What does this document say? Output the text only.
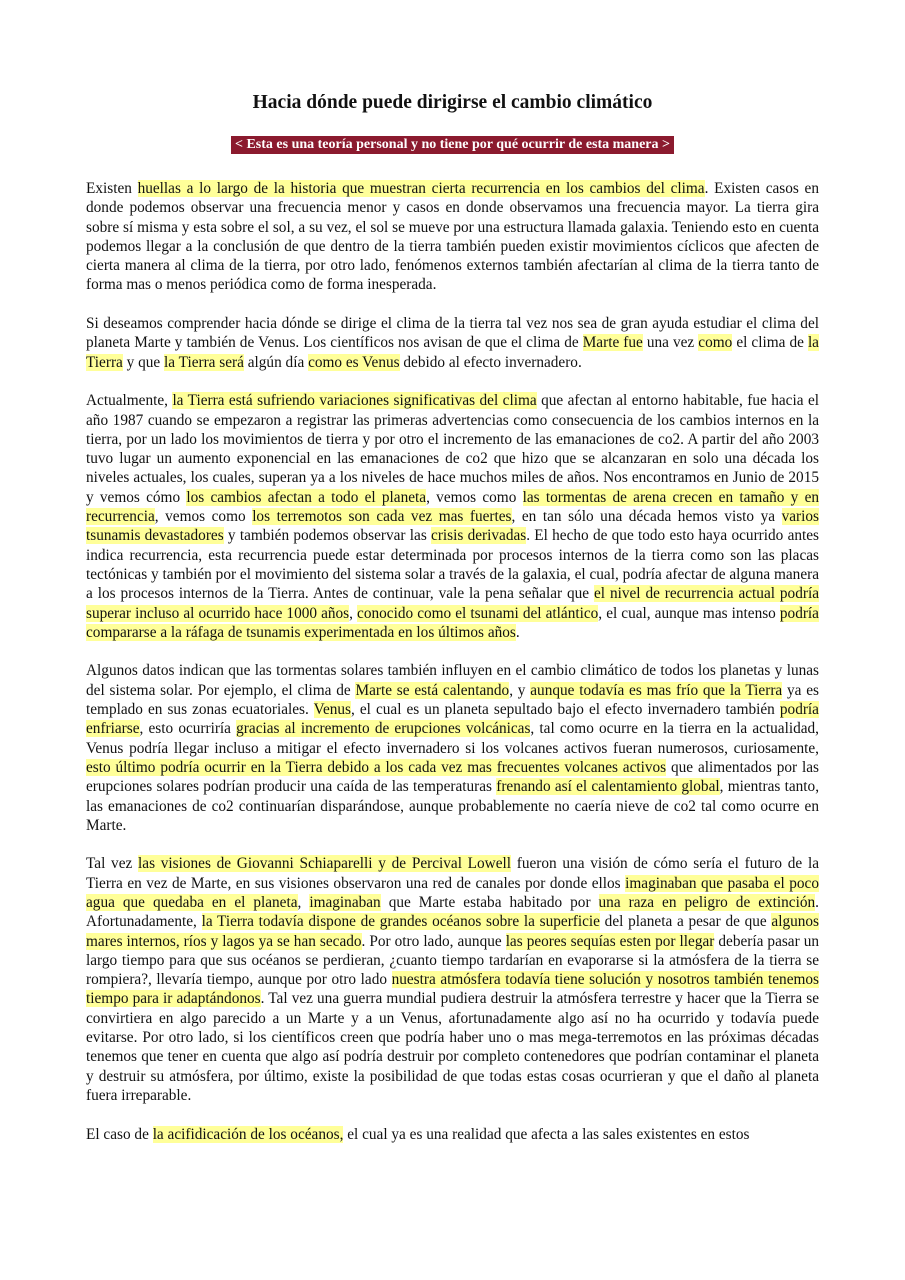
Hacia dónde puede dirigirse el cambio climático
< Esta es una teoría personal y no tiene por qué ocurrir de esta manera >

Existen huellas a lo largo de la historia que muestran cierta recurrencia en los cambios del clima. Existen casos en donde podemos observar una frecuencia menor y casos en donde observamos una frecuencia mayor. La tierra gira sobre sí misma y esta sobre el sol, a su vez, el sol se mueve por una estructura llamada galaxia. Teniendo esto en cuenta podemos llegar a la conclusión de que dentro de la tierra también pueden existir movimientos cíclicos que afecten de cierta manera al clima de la tierra, por otro lado, fenómenos externos también afectarían al clima de la tierra tanto de forma mas o menos periódica como de forma inesperada.

Si deseamos comprender hacia dónde se dirige el clima de la tierra tal vez nos sea de gran ayuda estudiar el clima del planeta Marte y también de Venus. Los científicos nos avisan de que el clima de Marte fue una vez como el clima de la Tierra y que la Tierra será algún día como es Venus debido al efecto invernadero.

Actualmente, la Tierra está sufriendo variaciones significativas del clima que afectan al entorno habitable, fue hacia el año 1987 cuando se empezaron a registrar las primeras advertencias como consecuencia de los cambios internos en la tierra, por un lado los movimientos de tierra y por otro el incremento de las emanaciones de co2. A partir del año 2003 tuvo lugar un aumento exponencial en las emanaciones de co2 que hizo que se alcanzaran en solo una década los niveles actuales, los cuales, superan ya a los niveles de hace muchos miles de años. Nos encontramos en Junio de 2015 y vemos cómo los cambios afectan a todo el planeta, vemos como las tormentas de arena crecen en tamaño y en recurrencia, vemos como los terremotos son cada vez mas fuertes, en tan sólo una década hemos visto ya varios tsunamis devastadores y también podemos observar las crisis derivadas. El hecho de que todo esto haya ocurrido antes indica recurrencia, esta recurrencia puede estar determinada por procesos internos de la tierra como son las placas tectónicas y también por el movimiento del sistema solar a través de la galaxia, el cual, podría afectar de alguna manera a los procesos internos de la Tierra. Antes de continuar, vale la pena señalar que el nivel de recurrencia actual podría superar incluso al ocurrido hace 1000 años, conocido como el tsunami del atlántico, el cual, aunque mas intenso podría compararse a la ráfaga de tsunamis experimentada en los últimos años.

Algunos datos indican que las tormentas solares también influyen en el cambio climático de todos los planetas y lunas del sistema solar. Por ejemplo, el clima de Marte se está calentando, y aunque todavía es mas frío que la Tierra ya es templado en sus zonas ecuatoriales. Venus, el cual es un planeta sepultado bajo el efecto invernadero también podría enfriarse, esto ocurriría gracias al incremento de erupciones volcánicas, tal como ocurre en la tierra en la actualidad, Venus podría llegar incluso a mitigar el efecto invernadero si los volcanes activos fueran numerosos, curiosamente, esto último podría ocurrir en la Tierra debido a los cada vez mas frecuentes volcanes activos que alimentados por las erupciones solares podrían producir una caída de las temperaturas frenando así el calentamiento global, mientras tanto, las emanaciones de co2 continuarían disparándose, aunque probablemente no caería nieve de co2 tal como ocurre en Marte.

Tal vez las visiones de Giovanni Schiaparelli y de Percival Lowell fueron una visión de cómo sería el futuro de la Tierra en vez de Marte, en sus visiones observaron una red de canales por donde ellos imaginaban que pasaba el poco agua que quedaba en el planeta, imaginaban que Marte estaba habitado por una raza en peligro de extinción. Afortunadamente, la Tierra todavía dispone de grandes océanos sobre la superficie del planeta a pesar de que algunos mares internos, ríos y lagos ya se han secado. Por otro lado, aunque las peores sequías esten por llegar debería pasar un largo tiempo para que sus océanos se perdieran, ¿cuanto tiempo tardarían en evaporarse si la atmósfera de la tierra se rompiera?, llevaría tiempo, aunque por otro lado nuestra atmósfera todavía tiene solución y nosotros también tenemos tiempo para ir adaptándonos. Tal vez una guerra mundial pudiera destruir la atmósfera terrestre y hacer que la Tierra se convirtiera en algo parecido a un Marte y a un Venus, afortunadamente algo así no ha ocurrido y todavía puede evitarse. Por otro lado, si los científicos creen que podría haber uno o mas mega-terremotos en las próximas décadas tenemos que tener en cuenta que algo así podría destruir por completo contenedores que podrían contaminar el planeta y destruir su atmósfera, por último, existe la posibilidad de que todas estas cosas ocurrieran y que el daño al planeta fuera irreparable.

El caso de la acifidicación de los océanos, el cual ya es una realidad que afecta a las sales existentes en estos
